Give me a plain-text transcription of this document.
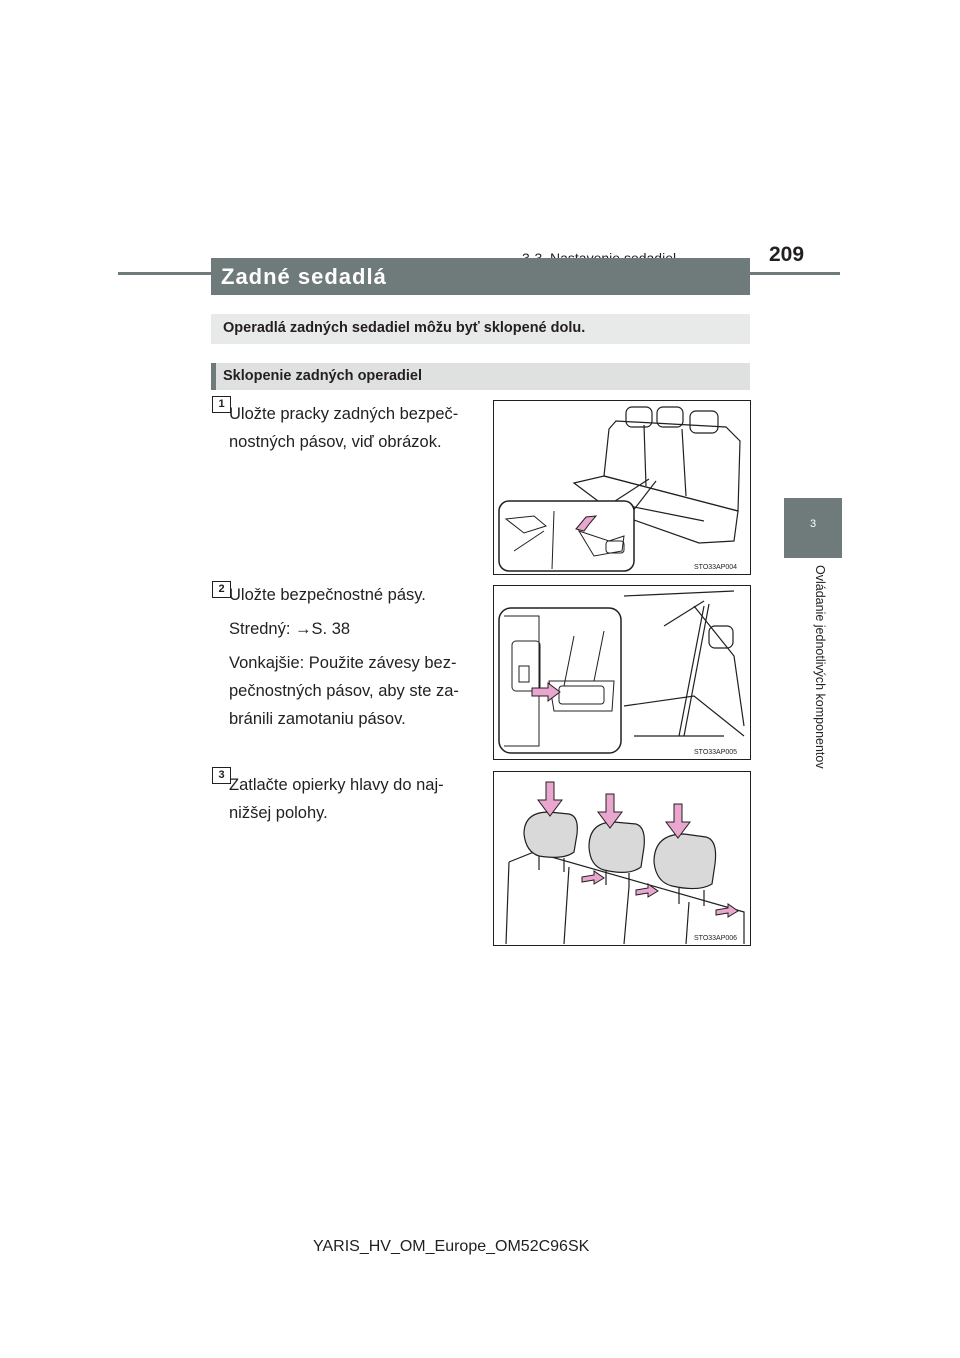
209
3
Ovládanie jednotlivých komponentov
Zadné sedadlá
Operadlá zadných sedadiel môžu byť sklopené dolu.
Sklopenie zadných operadiel
1
Uložte pracky zadných bezpeč-
nostných pásov, viď obrázok.
STO33AP004
2 Uložte bezpečnostné pásy.
Stredný: →S. 38
Vonkajšie: Použite závesy bez-
pečnostných pásov, aby ste za-
bránili zamotaniu pásov.
STO33AP005
3
Zatlačte opierky hlavy do naj-
nižšej polohy.
STO33AP006
YARIS_HV_OM_Europe_OM52C96SK
